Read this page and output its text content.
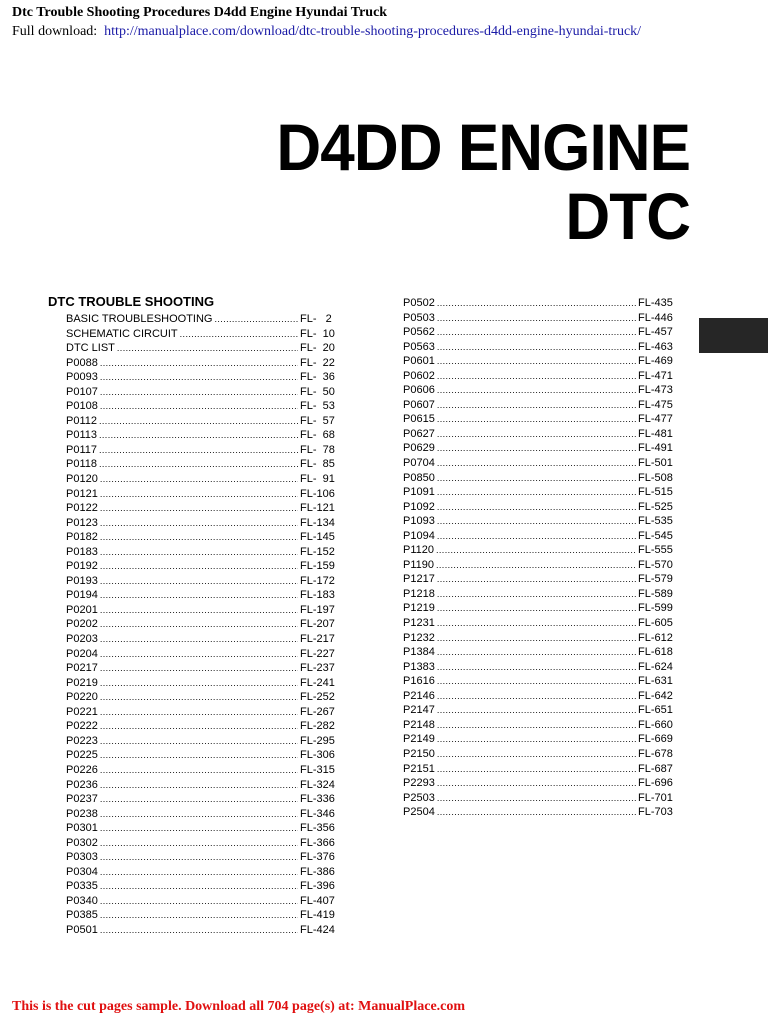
Dtc Trouble Shooting Procedures D4dd Engine Hyundai Truck
Full download: http://manualplace.com/download/dtc-trouble-shooting-procedures-d4dd-engine-hyundai-truck/
D4DD ENGINE
DTC
DTC TROUBLE SHOOTING
BASIC TROUBLESHOOTING .....	FL-   2
SCHEMATIC CIRCUIT .....	FL-  10
DTC LIST .....	FL-  20
P0088 .....	FL-  22
P0093 .....	FL-  36
P0107 .....	FL-  50
P0108 .....	FL-  53
P0112 .....	FL-  57
P0113 .....	FL-  68
P0117 .....	FL-  78
P0118 .....	FL-  85
P0120 .....	FL-  91
P0121 .....	FL-106
P0122 .....	FL-121
P0123 .....	FL-134
P0182 .....	FL-145
P0183 .....	FL-152
P0192 .....	FL-159
P0193 .....	FL-172
P0194 .....	FL-183
P0201 .....	FL-197
P0202 .....	FL-207
P0203 .....	FL-217
P0204 .....	FL-227
P0217 .....	FL-237
P0219 .....	FL-241
P0220 .....	FL-252
P0221 .....	FL-267
P0222 .....	FL-282
P0223 .....	FL-295
P0225 .....	FL-306
P0226 .....	FL-315
P0236 .....	FL-324
P0237 .....	FL-336
P0238 .....	FL-346
P0301 .....	FL-356
P0302 .....	FL-366
P0303 .....	FL-376
P0304 .....	FL-386
P0335 .....	FL-396
P0340 .....	FL-407
P0385 .....	FL-419
P0501 .....	FL-424
P0502 .....	FL-435
P0503 .....	FL-446
P0562 .....	FL-457
P0563 .....	FL-463
P0601 .....	FL-469
P0602 .....	FL-471
P0606 .....	FL-473
P0607 .....	FL-475
P0615 .....	FL-477
P0627 .....	FL-481
P0629 .....	FL-491
P0704 .....	FL-501
P0850 .....	FL-508
P1091 .....	FL-515
P1092 .....	FL-525
P1093 .....	FL-535
P1094 .....	FL-545
P1120 .....	FL-555
P1190 .....	FL-570
P1217 .....	FL-579
P1218 .....	FL-589
P1219 .....	FL-599
P1231 .....	FL-605
P1232 .....	FL-612
P1384 .....	FL-618
P1383 .....	FL-624
P1616 .....	FL-631
P2146 .....	FL-642
P2147 .....	FL-651
P2148 .....	FL-660
P2149 .....	FL-669
P2150 .....	FL-678
P2151 .....	FL-687
P2293 .....	FL-696
P2503 .....	FL-701
P2504 .....	FL-703
This is the cut pages sample. Download all 704 page(s) at: ManualPlace.com
